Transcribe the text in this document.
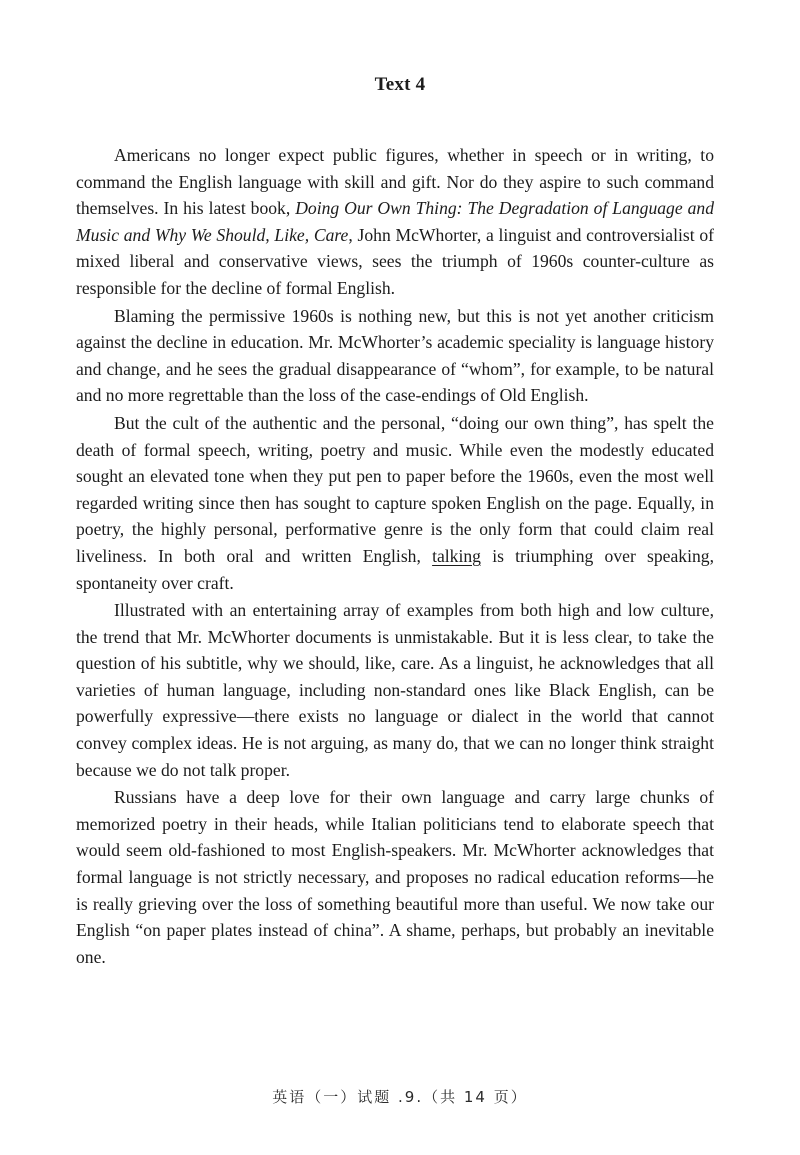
Text 4

Americans no longer expect public figures, whether in speech or in writing, to command the English language with skill and gift. Nor do they aspire to such command themselves. In his latest book, Doing Our Own Thing: The Degradation of Language and Music and Why We Should, Like, Care, John McWhorter, a linguist and controversialist of mixed liberal and conservative views, sees the triumph of 1960s counter-culture as responsible for the decline of formal English.

Blaming the permissive 1960s is nothing new, but this is not yet another criticism against the decline in education. Mr. McWhorter’s academic speciality is language history and change, and he sees the gradual disappearance of “whom”, for example, to be natural and no more regrettable than the loss of the case-endings of Old English.

But the cult of the authentic and the personal, “doing our own thing”, has spelt the death of formal speech, writing, poetry and music. While even the modestly educated sought an elevated tone when they put pen to paper before the 1960s, even the most well regarded writing since then has sought to capture spoken English on the page. Equally, in poetry, the highly personal, performative genre is the only form that could claim real liveliness. In both oral and written English, talking is triumphing over speaking, spontaneity over craft.

Illustrated with an entertaining array of examples from both high and low culture, the trend that Mr. McWhorter documents is unmistakable. But it is less clear, to take the question of his subtitle, why we should, like, care. As a linguist, he acknowledges that all varieties of human language, including non-standard ones like Black English, can be powerfully expressive—there exists no language or dialect in the world that cannot convey complex ideas. He is not arguing, as many do, that we can no longer think straight because we do not talk proper.

Russians have a deep love for their own language and carry large chunks of memorized poetry in their heads, while Italian politicians tend to elaborate speech that would seem old-fashioned to most English-speakers. Mr. McWhorter acknowledges that formal language is not strictly necessary, and proposes no radical education reforms—he is really grieving over the loss of something beautiful more than useful. We now take our English “on paper plates instead of china”. A shame, perhaps, but probably an inevitable one.

英语（一）试题 .9.（共 14 页）
